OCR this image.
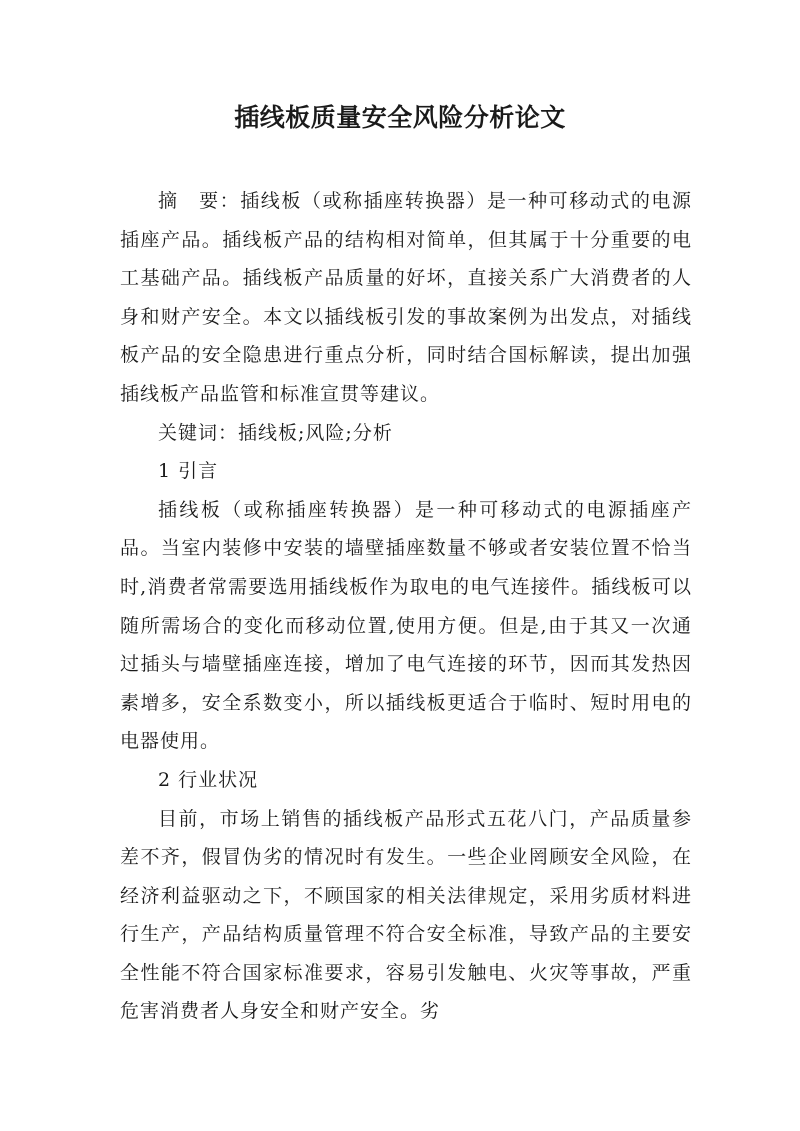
插线板质量安全风险分析论文

摘　要：插线板（或称插座转换器）是一种可移动式的电源插座产品。插线板产品的结构相对简单，但其属于十分重要的电工基础产品。插线板产品质量的好坏，直接关系广大消费者的人身和财产安全。本文以插线板引发的事故案例为出发点，对插线板产品的安全隐患进行重点分析，同时结合国标解读，提出加强插线板产品监管和标准宣贯等建议。

关键词：插线板;风险;分析

1 引言

插线板（或称插座转换器）是一种可移动式的电源插座产品。当室内装修中安装的墙壁插座数量不够或者安装位置不恰当时,消费者常需要选用插线板作为取电的电气连接件。插线板可以随所需场合的变化而移动位置,使用方便。但是,由于其又一次通过插头与墙壁插座连接，增加了电气连接的环节，因而其发热因素增多，安全系数变小，所以插线板更适合于临时、短时用电的电器使用。

2 行业状况

目前，市场上销售的插线板产品形式五花八门，产品质量参差不齐，假冒伪劣的情况时有发生。一些企业罔顾安全风险，在经济利益驱动之下，不顾国家的相关法律规定，采用劣质材料进行生产，产品结构质量管理不符合安全标准，导致产品的主要安全性能不符合国家标准要求，容易引发触电、火灾等事故，严重危害消费者人身安全和财产安全。劣
